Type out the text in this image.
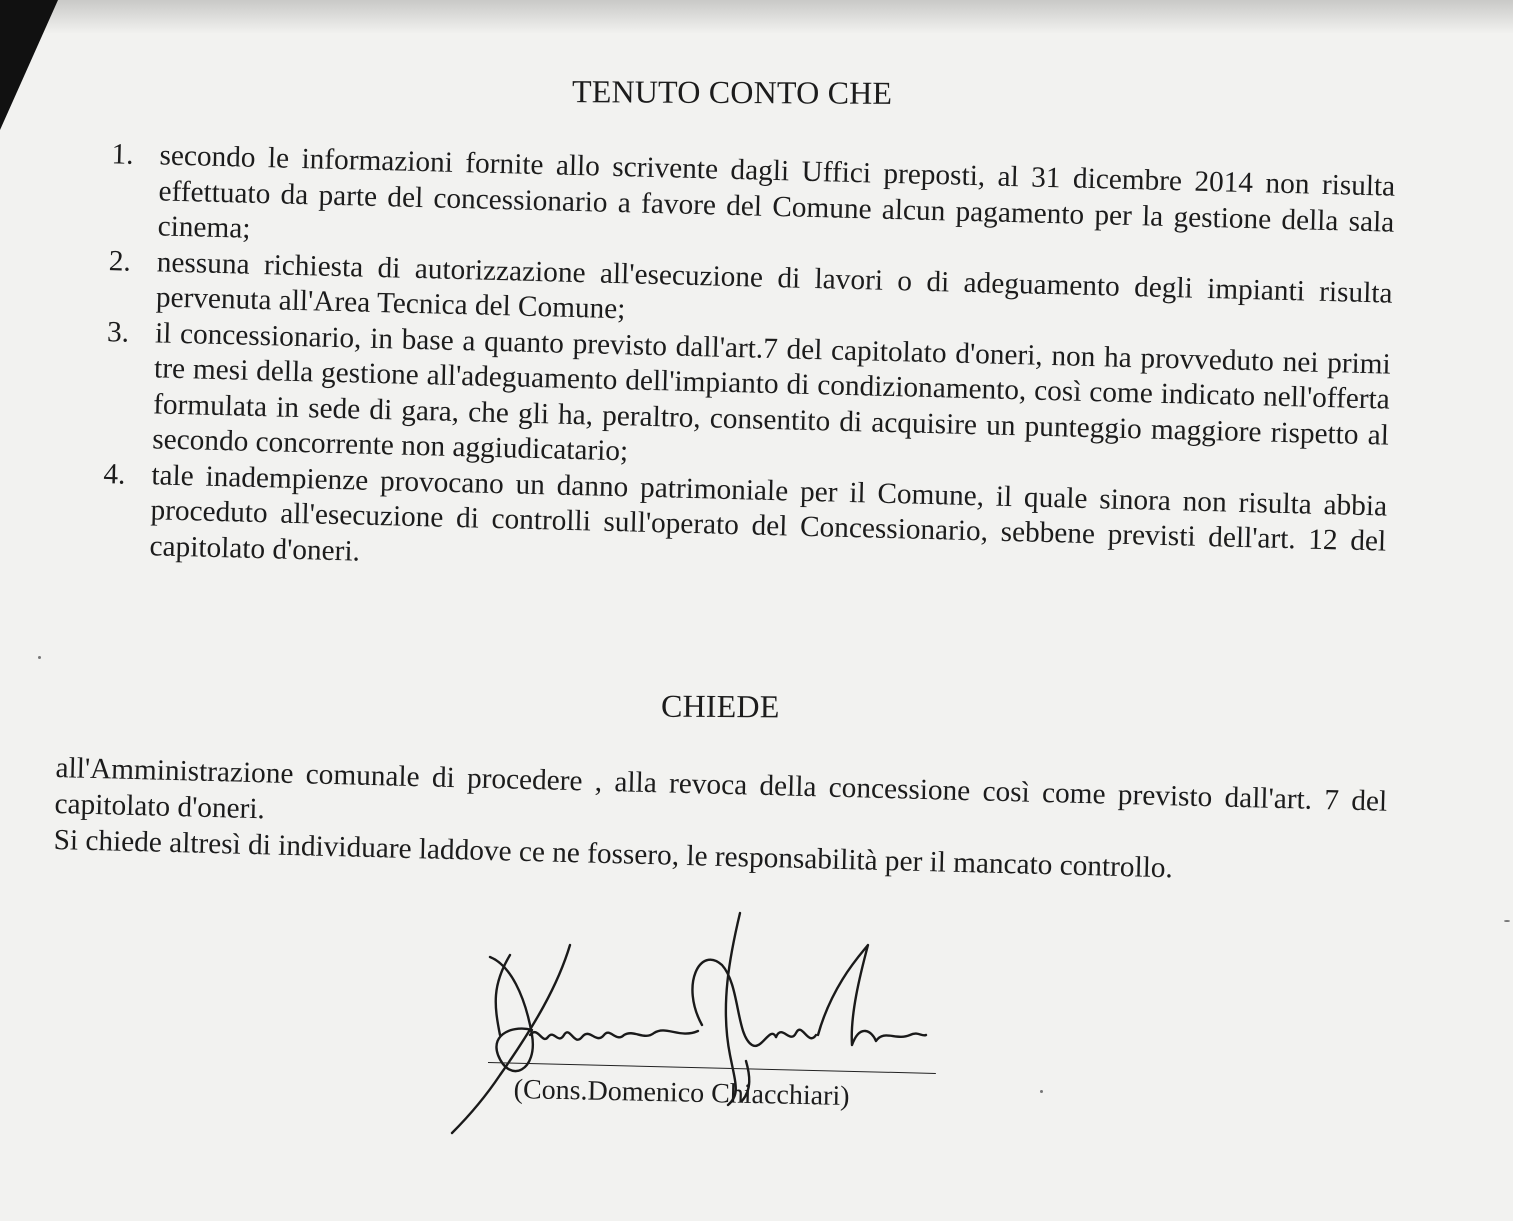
TENUTO CONTO CHE
1. secondo le informazioni fornite allo scrivente dagli Uffici preposti, al 31 dicembre 2014 non risulta effettuato da parte del concessionario a favore del Comune alcun pagamento per la gestione della sala cinema;
2. nessuna richiesta di autorizzazione all'esecuzione di lavori o di adeguamento degli impianti risulta pervenuta all'Area Tecnica del Comune;
3. il concessionario, in base a quanto previsto dall'art.7 del capitolato d'oneri, non ha provveduto nei primi tre mesi della gestione all'adeguamento dell'impianto di condizionamento, così come indicato nell'offerta formulata in sede di gara, che gli ha, peraltro, consentito di acquisire un punteggio maggiore rispetto al secondo concorrente non aggiudicatario;
4. tale inadempienze provocano un danno patrimoniale per il Comune, il quale sinora non risulta abbia proceduto all'esecuzione di controlli sull'operato del Concessionario, sebbene previsti dell'art. 12 del capitolato d'oneri.
CHIEDE

all'Amministrazione comunale di procedere , alla revoca della concessione così come previsto dall'art. 7 del capitolato d'oneri.

Si chiede altresì di individuare laddove ce ne fossero, le responsabilità per il mancato controllo.

(Cons.Domenico Chiacchiari)
